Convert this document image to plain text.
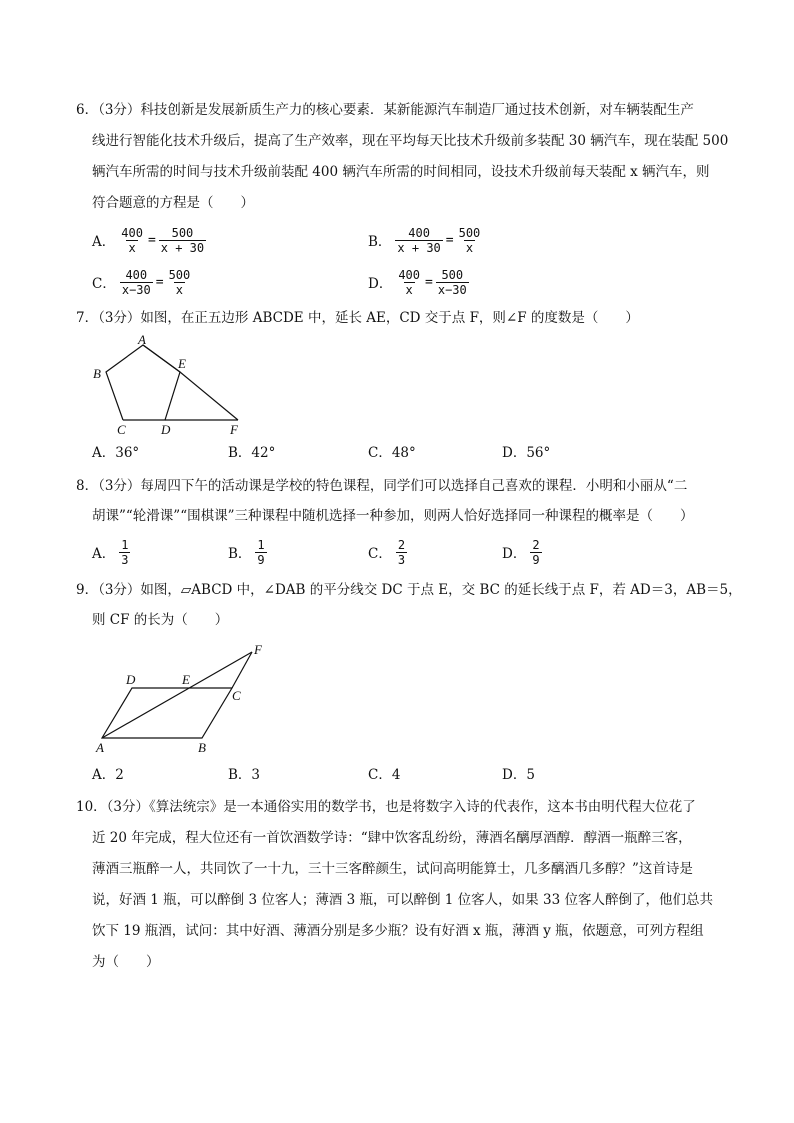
6．（3分）科技创新是发展新质生产力的核心要素．某新能源汽车制造厂通过技术创新，对车辆装配生产
线进行智能化技术升级后，提高了生产效率，现在平均每天比技术升级前多装配 30 辆汽车，现在装配 500
辆汽车所需的时间与技术升级前装配 400 辆汽车所需的时间相同，设技术升级前每天装配 x 辆汽车，则
符合题意的方程是（　　）
A． $\frac{400}{x} = \frac{500}{x + 30}$	B． $\frac{400}{x + 30} = \frac{500}{x}$
C． $\frac{400}{x-30} = \frac{500}{x}$	D． $\frac{400}{x} = \frac{500}{x-30}$
7．（3分）如图，在正五边形 ABCDE 中，延长 AE，CD 交于点 F，则∠F 的度数是（　　）
A
B
E
C	D	F
A．36°	B．42°	C．48°	D．56°
8．（3分）每周四下午的活动课是学校的特色课程，同学们可以选择自己喜欢的课程．小明和小丽从“二
胡课”“轮滑课”“围棋课”三种课程中随机选择一种参加，则两人恰好选择同一种课程的概率是（　　）
A． $\frac{1}{3}$	B． $\frac{1}{9}$	C． $\frac{2}{3}$	D． $\frac{2}{9}$
9．（3分）如图，▱ABCD 中，∠DAB 的平分线交 DC 于点 E，交 BC 的延长线于点 F，若 AD＝3，AB＝5，
则 CF 的长为（　　）
D	E
C
F
A	B
A．2	B．3	C．4	D．5
10．（3分）《算法统宗》是一本通俗实用的数学书，也是将数字入诗的代表作，这本书由明代程大位花了
近 20 年完成，程大位还有一首饮酒数学诗：“肆中饮客乱纷纷，薄酒名醨厚酒醇．醇酒一瓶醉三客，
薄酒三瓶醉一人，共同饮了一十九，三十三客醉颜生，试问高明能算士，几多醨酒几多醇？”这首诗是
说，好酒 1 瓶，可以醉倒 3 位客人；薄酒 3 瓶，可以醉倒 1 位客人，如果 33 位客人醉倒了，他们总共
饮下 19 瓶酒，试问：其中好酒、薄酒分别是多少瓶？设有好酒 x 瓶，薄酒 y 瓶，依题意，可列方程组
为（　　）
